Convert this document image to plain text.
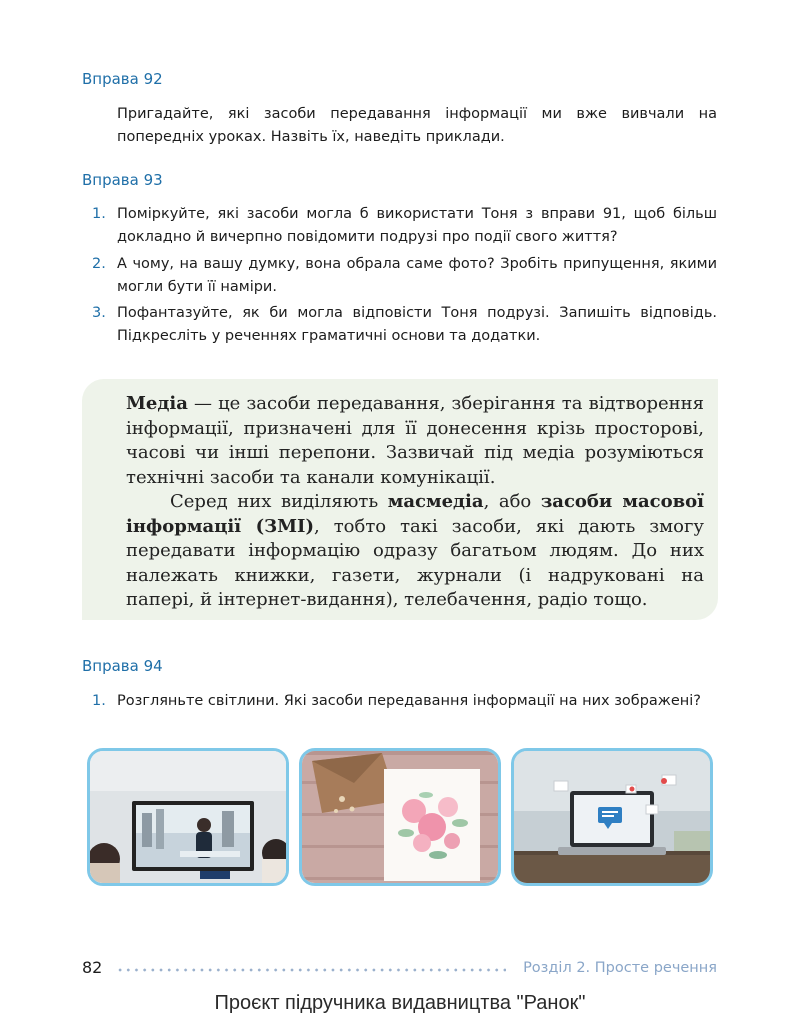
Вправа 92
Пригадайте, які засоби передавання інформації ми вже вивчали на попередніх уроках. Назвіть їх, наведіть приклади.
Вправа 93
1. Поміркуйте, які засоби могла б використати Тоня з вправи 91, щоб більш докладно й вичерпно повідомити подрузі про події свого життя?
2. А чому, на вашу думку, вона обрала саме фото? Зробіть припущення, якими могли бути її наміри.
3. Пофантазуйте, як би могла відповісти Тоня подрузі. Запишіть відповідь. Підкресліть у реченнях граматичні основи та додатки.

Медіа — це засоби передавання, зберігання та відтворення інформації, призначені для її донесення крізь просторові, часові чи інші перепони. Зазвичай під медіа розуміються технічні засоби та канали комунікації.

Серед них виділяють масмедіа, або засоби масової інформації (ЗМІ), тобто такі засоби, які дають змогу передавати інформацію одразу багатьом людям. До них належать книжки, газети, журнали (і надруковані на папері, й інтернет-видання), телебачення, радіо тощо.

Вправа 94
1. Розгляньте світлини. Які засоби передавання інформації на них зображені?
82	Розділ 2. Просте речення
Проєкт підручника видавництва "Ранок"
